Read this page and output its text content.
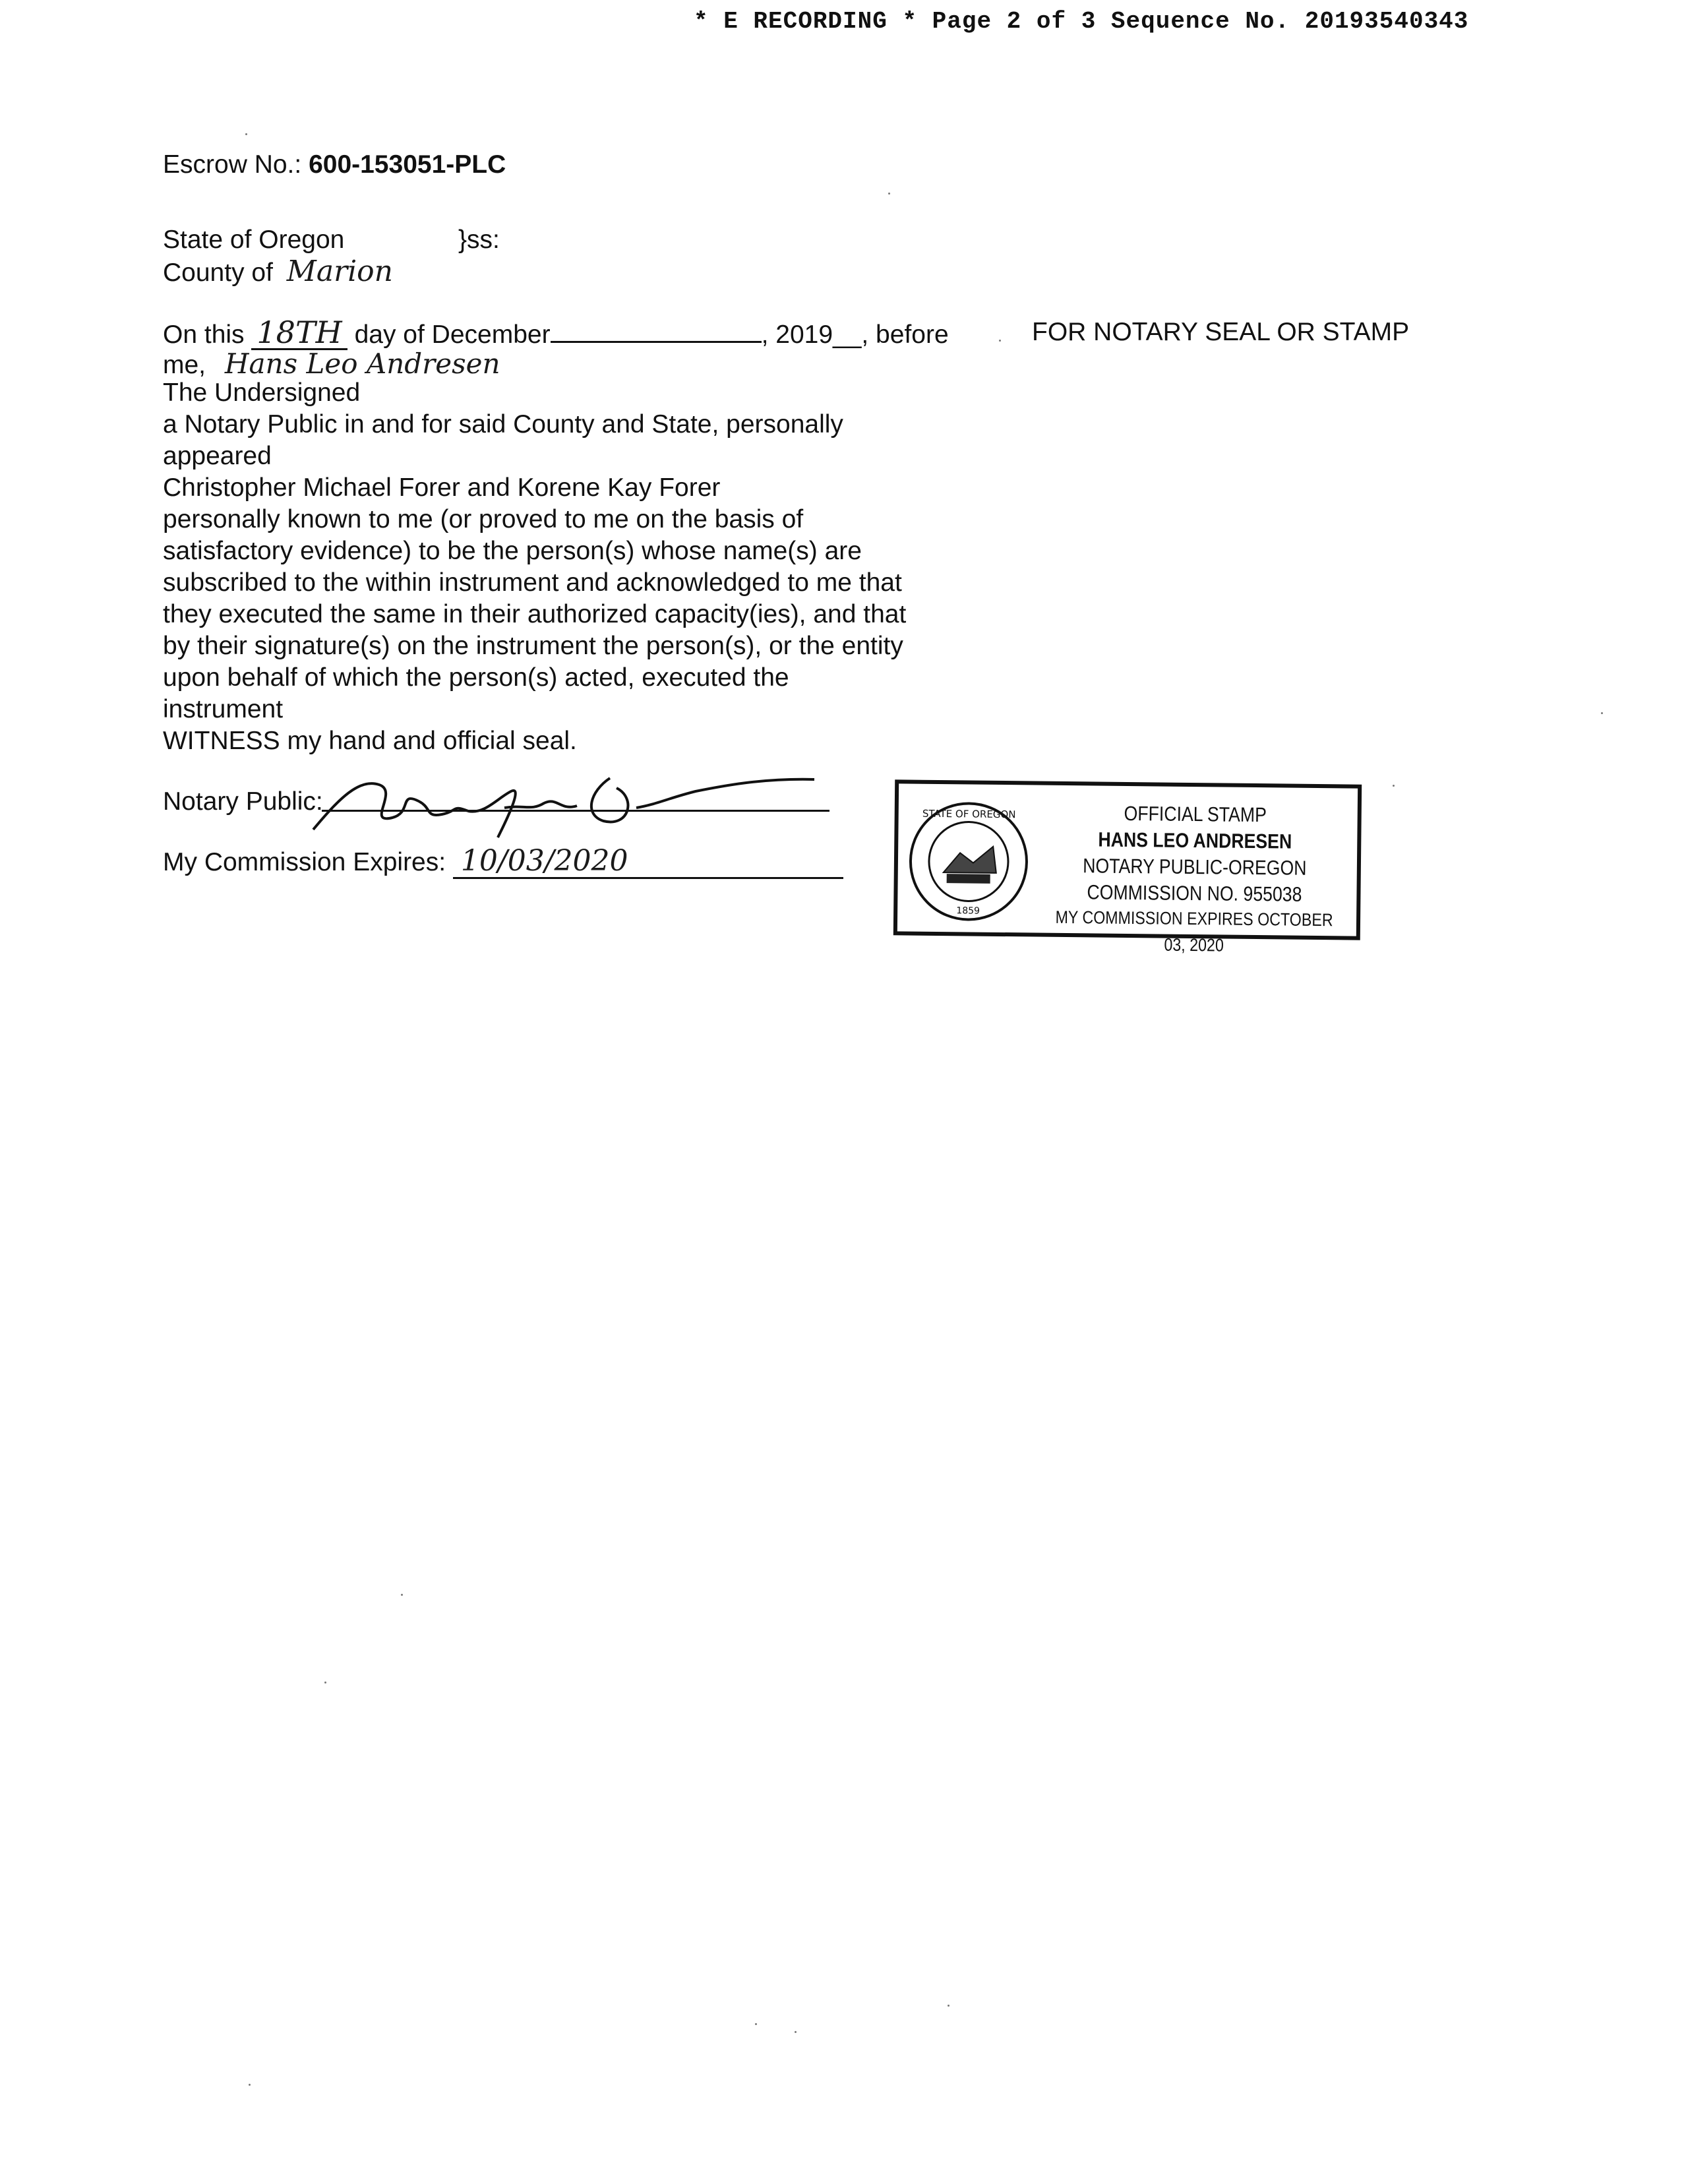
* E RECORDING * Page 2 of 3 Sequence No. 20193540343
Escrow No.: 600-153051-PLC
State of Oregon	}ss:
County of Marion
On this 18TH day of December	, 2019__, before
me, Hans Leo Andresen
The Undersigned
a Notary Public in and for said County and State, personally
appeared
Christopher Michael Forer and Korene Kay Forer
personally known to me (or proved to me on the basis of
satisfactory evidence) to be the person(s) whose name(s) are
subscribed to the within instrument and acknowledged to me that
they executed the same in their authorized capacity(ies), and that
by their signature(s) on the instrument the person(s), or the entity
upon behalf of which the person(s) acted, executed the
instrument
WITNESS my hand and official seal.
FOR NOTARY SEAL OR STAMP
Notary Public:
My Commission Expires: 10/03/2020
STATE OF OREGON
1859
OFFICIAL STAMP
HANS LEO ANDRESEN
NOTARY PUBLIC-OREGON
COMMISSION NO. 955038
MY COMMISSION EXPIRES OCTOBER 03, 2020
